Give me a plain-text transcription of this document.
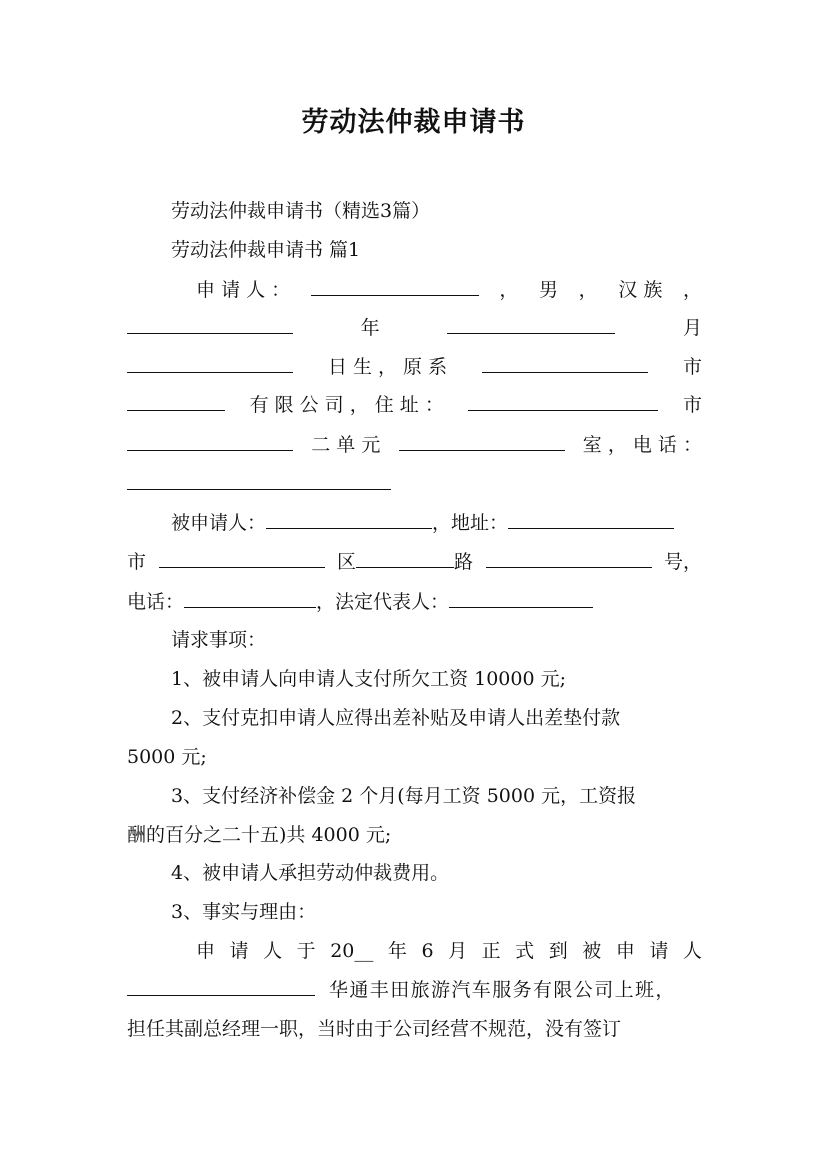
劳动法仲裁申请书
劳动法仲裁申请书（精选3篇）
劳动法仲裁申请书 篇1
申 请 人 ：	， 男 ， 汉 族 ，
年	月
日 生 ， 原 系	市
有 限 公 司 ， 住 址 ：	市
二 单 元	室 ， 电 话 ：
被申请人：	，地址：
市	区	路	号，
电话：	，法定代表人：
请求事项：
1、被申请人向申请人支付所欠工资 10000 元;
2、支付克扣申请人应得出差补贴及申请人出差垫付款
5000 元;
3、支付经济补偿金 2 个月(每月工资 5000 元，工资报
酬的百分之二十五)共 4000 元;
4、被申请人承担劳动仲裁费用。
3、事实与理由：
申 请 人 于 20__ 年 6 月 正 式 到 被 申 请 人
华通丰田旅游汽车服务有限公司上班，
担任其副总经理一职，当时由于公司经营不规范，没有签订
